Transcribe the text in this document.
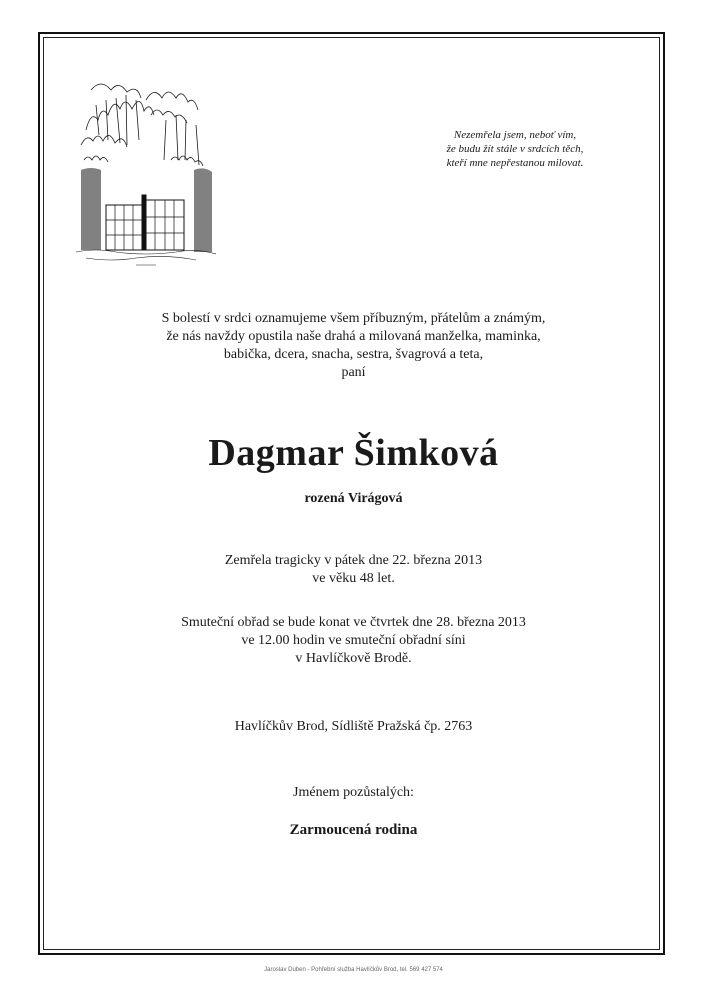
Nezemřela jsem, neboť vím,
že budu žít stále v srdcích těch,
kteří mne nepřestanou milovat.
S bolestí v srdci oznamujeme všem příbuzným, přátelům a známým,
že nás navždy opustila naše drahá a milovaná manželka, maminka,
babička, dcera, snacha, sestra, švagrová a teta,
paní
Dagmar Šimková
rozená Virágová
Zemřela tragicky v pátek dne 22. března 2013
ve věku 48 let.
Smuteční obřad se bude konat ve čtvrtek dne 28. března 2013
ve 12.00 hodin ve smuteční obřadní síni
v Havlíčkově Brodě.
Havlíčkův Brod, Sídliště Pražská čp. 2763
Jménem pozůstalých:
Zarmoucená rodina
Jaroslav Duben - Pohřební služba Havlíčkův Brod, tel. 569 427 574
